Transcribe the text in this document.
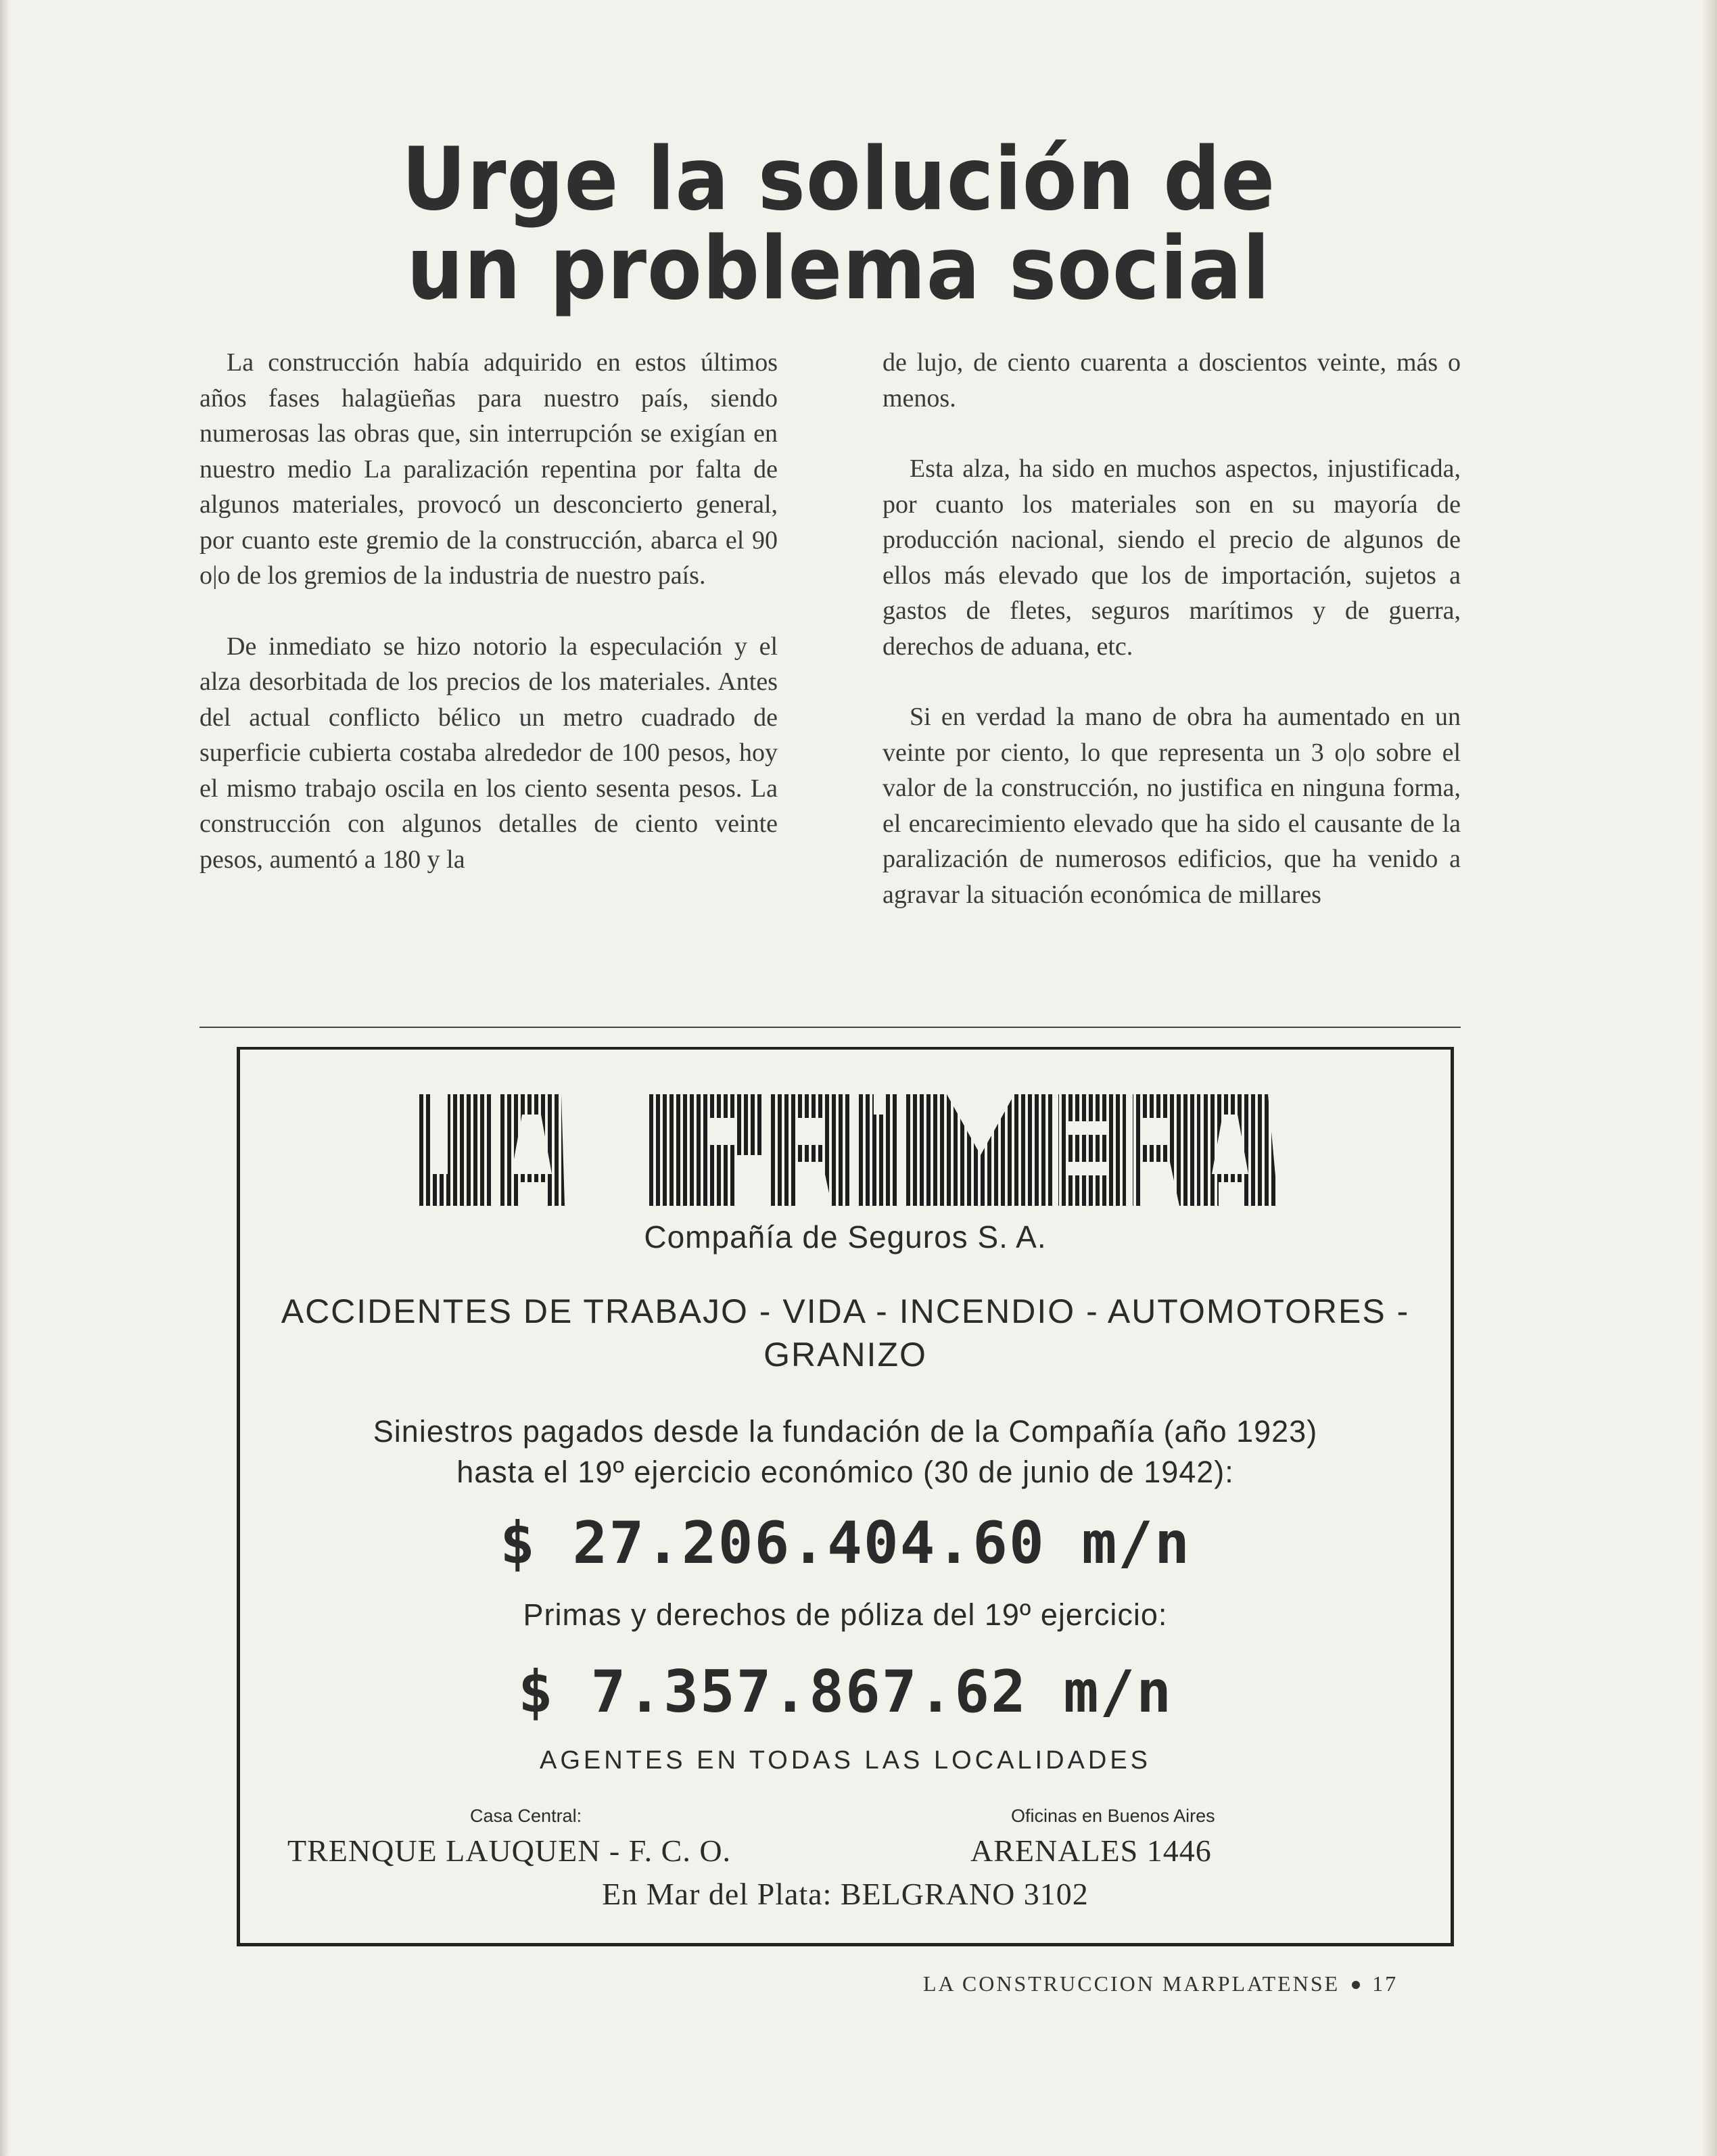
Urge la solución de
un problema social

La construcción había adquirido en estos últimos años fases halagüeñas para nuestro país, siendo numerosas las obras que, sin interrupción se exigían en nuestro medio La paralización repentina por falta de algunos materiales, provocó un desconcierto general, por cuanto este gremio de la construcción, abarca el 90 o|o de los gremios de la industria de nuestro país.

De inmediato se hizo notorio la especulación y el alza desorbitada de los precios de los materiales. Antes del actual conflicto bélico un metro cuadrado de superficie cubierta costaba alrededor de 100 pesos, hoy el mismo trabajo oscila en los ciento sesenta pesos. La construcción con algunos detalles de ciento veinte pesos, aumentó a 180 y la

de lujo, de ciento cuarenta a doscientos veinte, más o menos.

Esta alza, ha sido en muchos aspectos, injustificada, por cuanto los materiales son en su mayoría de producción nacional, siendo el precio de algunos de ellos más elevado que los de importación, sujetos a gastos de fletes, seguros marítimos y de guerra, derechos de aduana, etc.

Si en verdad la mano de obra ha aumentado en un veinte por ciento, lo que representa un 3 o|o sobre el valor de la construcción, no justifica en ninguna forma, el encarecimiento elevado que ha sido el causante de la paralización de numerosos edificios, que ha venido a agravar la situación económica de millares

Compañía de Seguros S. A.
ACCIDENTES DE TRABAJO - VIDA - INCENDIO - AUTOMOTORES - GRANIZO
Siniestros pagados desde la fundación de la Compañía (año 1923)
hasta el 19º ejercicio económico (30 de junio de 1942):
$ 27.206.404.60 m/n
Primas y derechos de póliza del 19º ejercicio:
$ 7.357.867.62 m/n
AGENTES EN TODAS LAS LOCALIDADES
Casa Central:	Oficinas en Buenos Aires
TRENQUE LAUQUEN - F. C. O.	ARENALES 1446
En Mar del Plata: BELGRANO 3102
LA CONSTRUCCION MARPLATENSE 17
